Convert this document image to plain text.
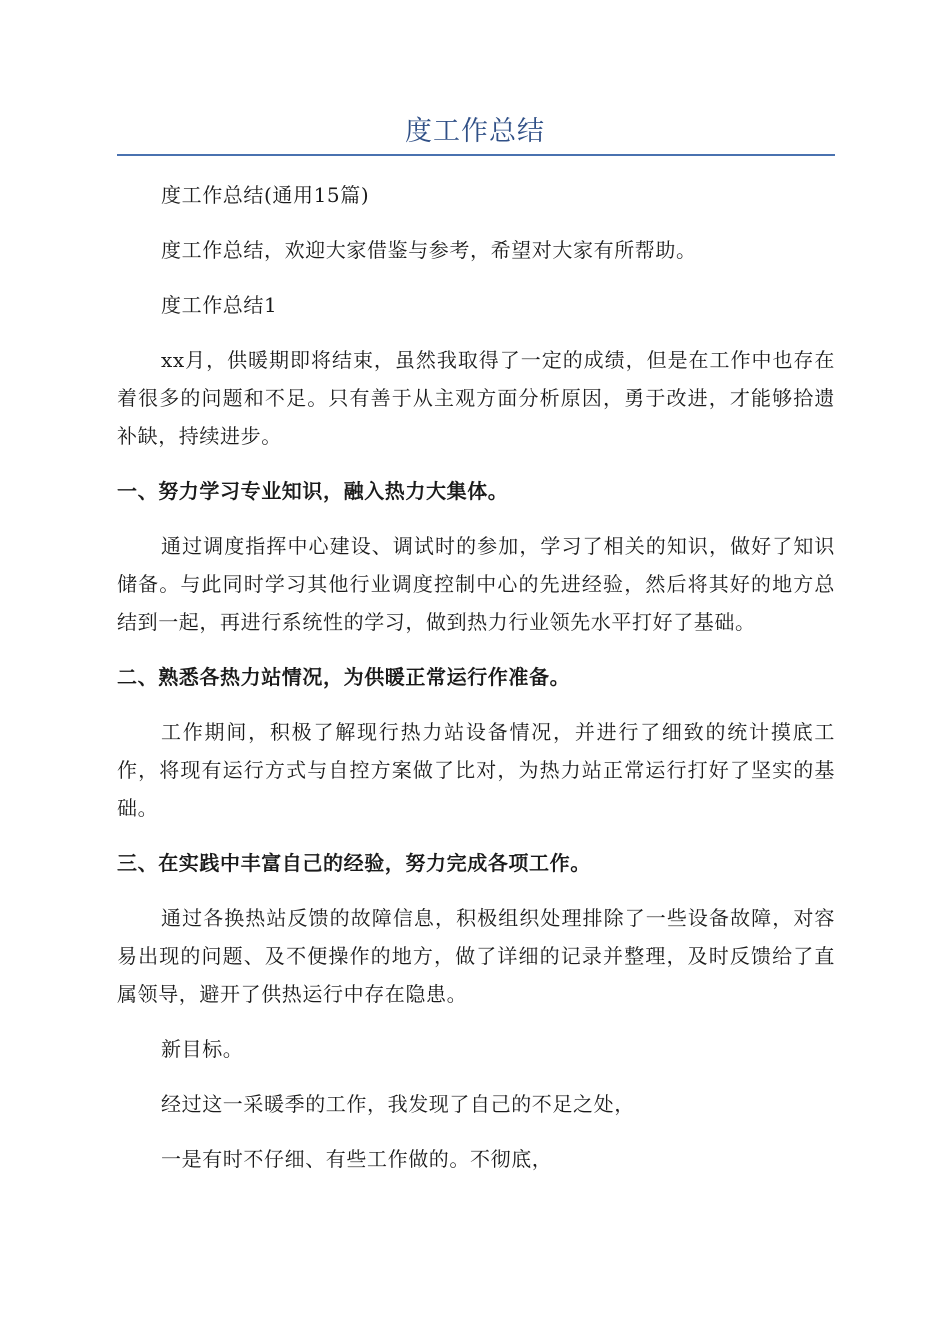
度工作总结

度工作总结(通用15篇)

度工作总结，欢迎大家借鉴与参考，希望对大家有所帮助。

度工作总结1

xx月，供暖期即将结束，虽然我取得了一定的成绩，但是在工作中也存在着很多的问题和不足。只有善于从主观方面分析原因，勇于改进，才能够拾遗补缺，持续进步。

一、努力学习专业知识，融入热力大集体。

通过调度指挥中心建设、调试时的参加，学习了相关的知识，做好了知识储备。与此同时学习其他行业调度控制中心的先进经验，然后将其好的地方总结到一起，再进行系统性的学习，做到热力行业领先水平打好了基础。

二、熟悉各热力站情况，为供暖正常运行作准备。

工作期间，积极了解现行热力站设备情况，并进行了细致的统计摸底工作，将现有运行方式与自控方案做了比对，为热力站正常运行打好了坚实的基础。

三、在实践中丰富自己的经验，努力完成各项工作。

通过各换热站反馈的故障信息，积极组织处理排除了一些设备故障，对容易出现的问题、及不便操作的地方，做了详细的记录并整理，及时反馈给了直属领导，避开了供热运行中存在隐患。

新目标。

经过这一采暖季的工作，我发现了自己的不足之处，

一是有时不仔细、有些工作做的。不彻底，
